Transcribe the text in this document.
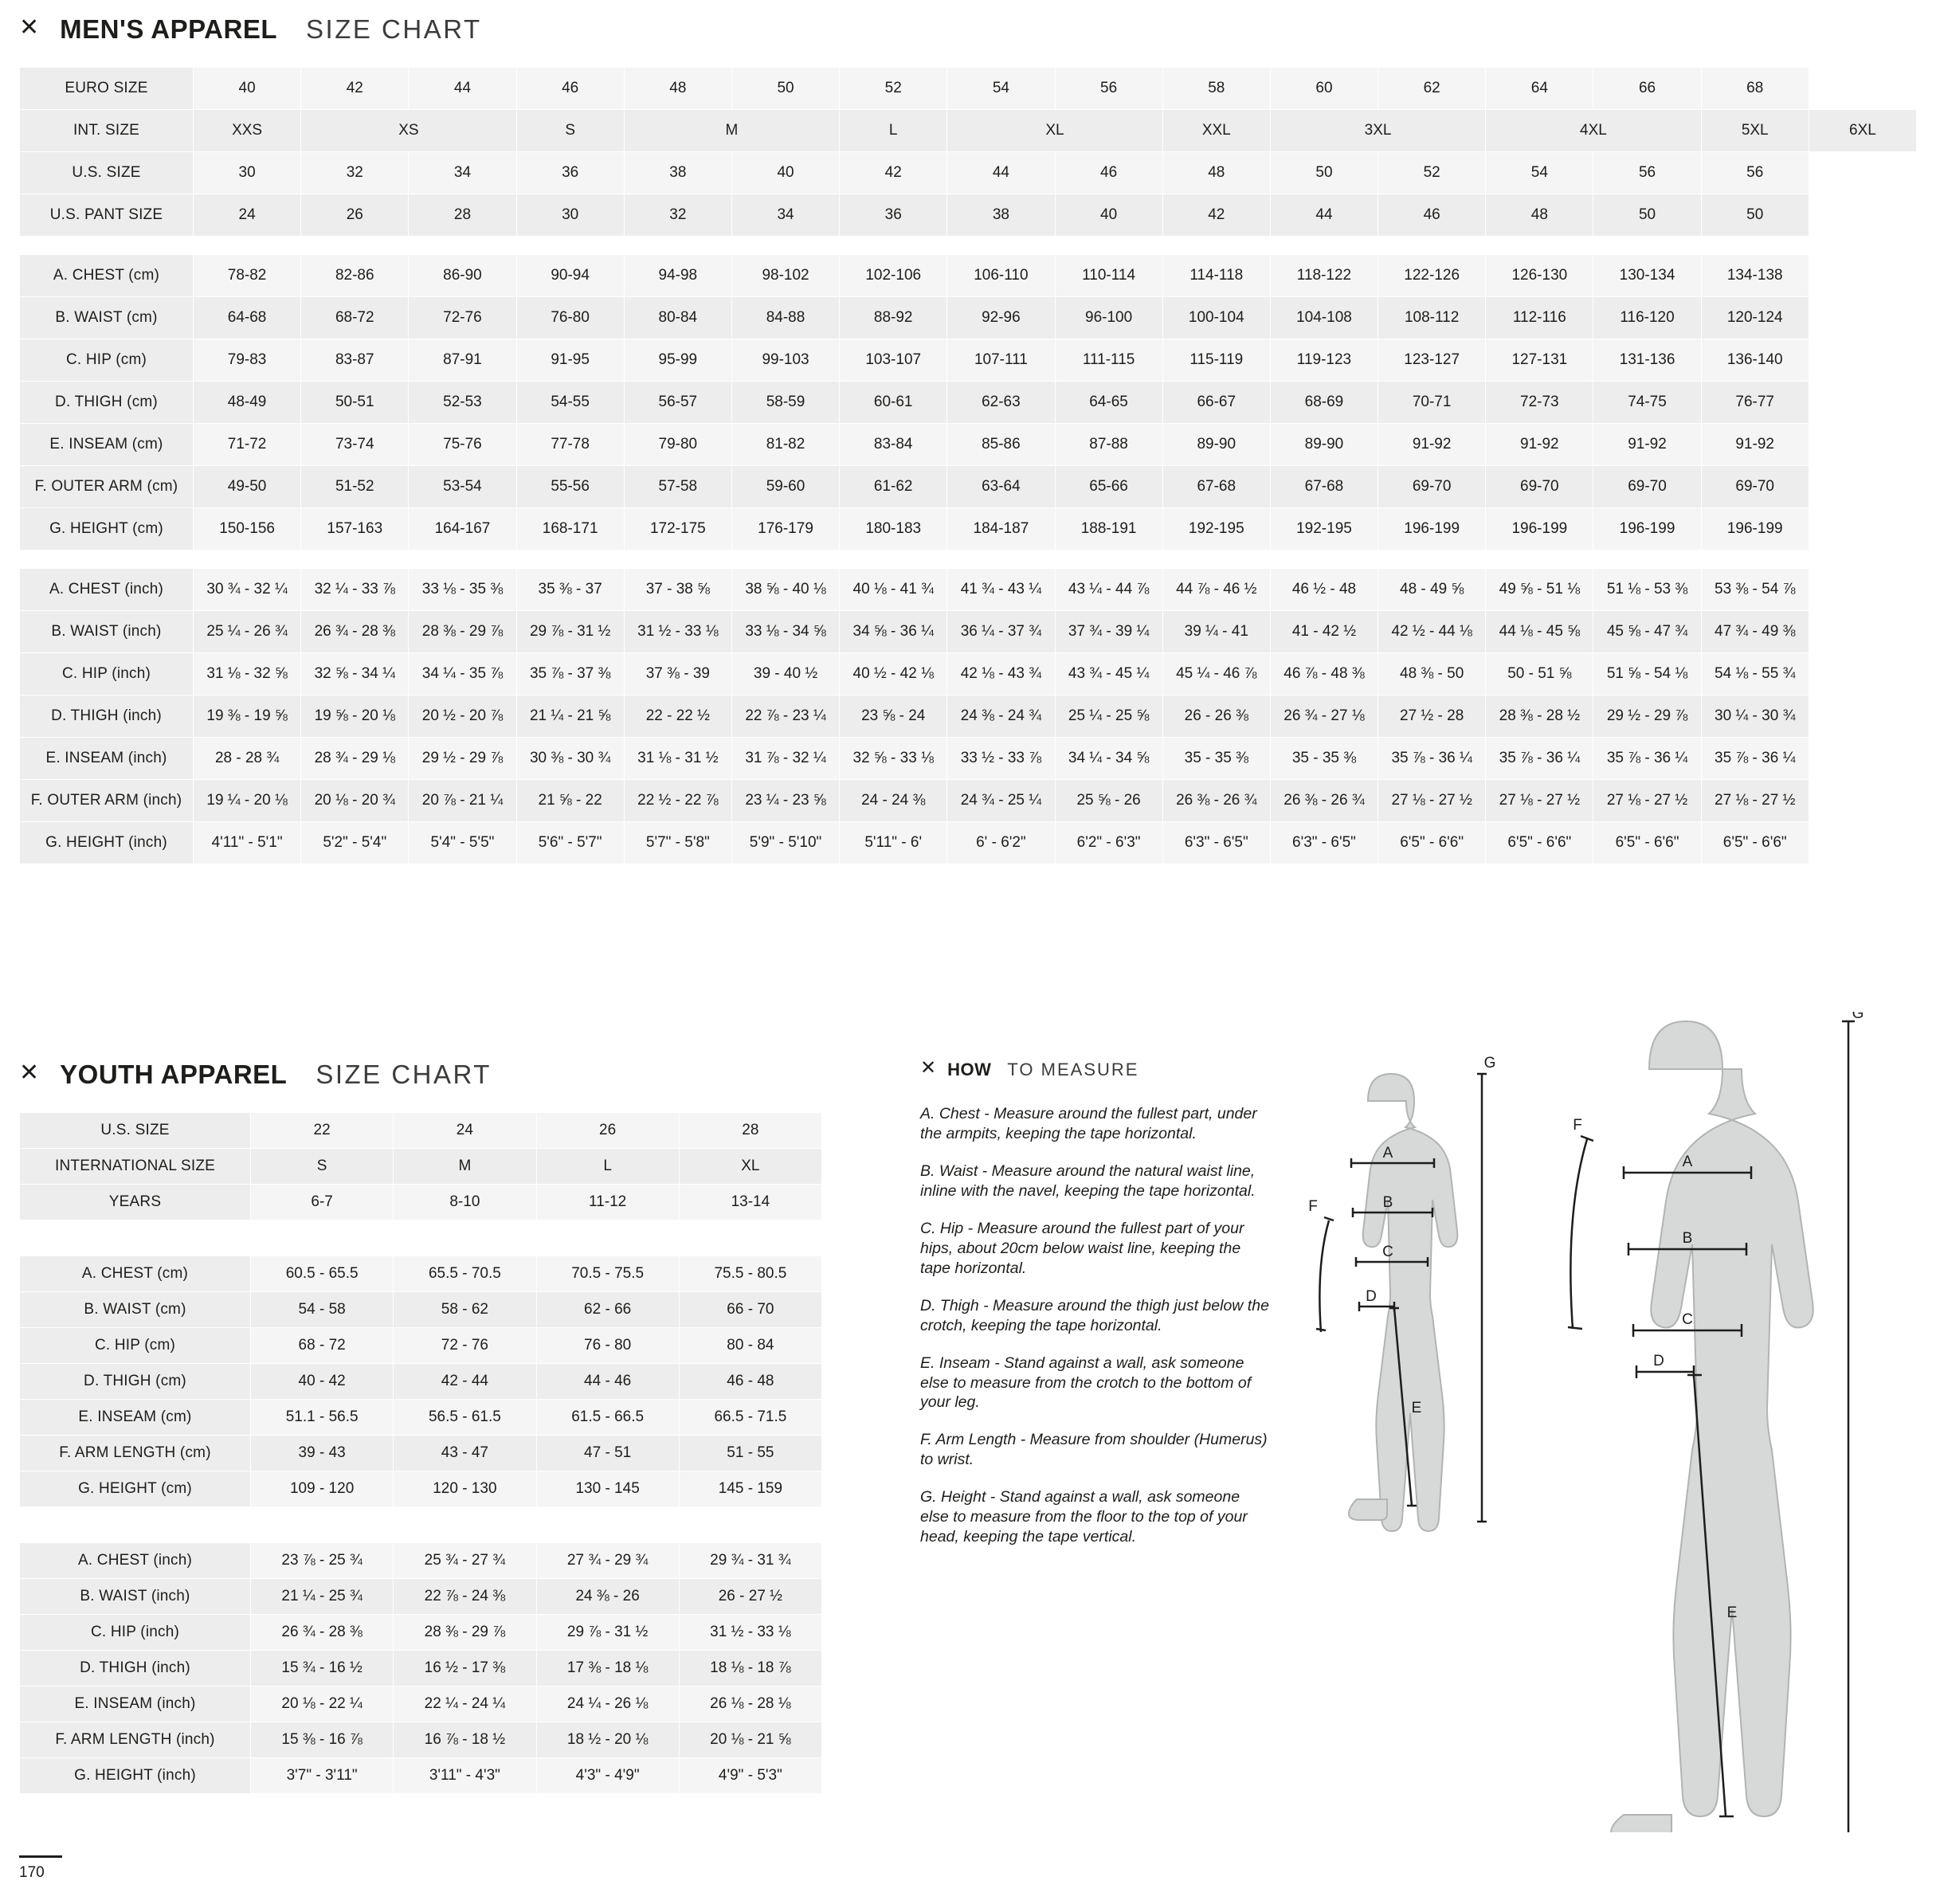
✕ MEN'S APPAREL SIZE CHART
EURO SIZE	40	42	44	46	48	50	52	54	56	58	60	62	64	66	68	
INT. SIZE	XXS	XS		S	M		L	XL		XXL	3XL		4XL		5XL	6XL
U.S. SIZE	30	32	34	36	38	40	42	44	46	48	50	52	54	56	56	
U.S. PANT SIZE	24	26	28	30	32	34	36	38	40	42	44	46	48	50	50	

A. CHEST (cm)	78-82	82-86	86-90	90-94	94-98	98-102	102-106	106-110	110-114	114-118	118-122	122-126	126-130	130-134	134-138	
B. WAIST (cm)	64-68	68-72	72-76	76-80	80-84	84-88	88-92	92-96	96-100	100-104	104-108	108-112	112-116	116-120	120-124	
C. HIP (cm)	79-83	83-87	87-91	91-95	95-99	99-103	103-107	107-111	111-115	115-119	119-123	123-127	127-131	131-136	136-140	
D. THIGH (cm)	48-49	50-51	52-53	54-55	56-57	58-59	60-61	62-63	64-65	66-67	68-69	70-71	72-73	74-75	76-77	
E. INSEAM (cm)	71-72	73-74	75-76	77-78	79-80	81-82	83-84	85-86	87-88	89-90	89-90	91-92	91-92	91-92	91-92	
F. OUTER ARM (cm)	49-50	51-52	53-54	55-56	57-58	59-60	61-62	63-64	65-66	67-68	67-68	69-70	69-70	69-70	69-70	
G. HEIGHT (cm)	150-156	157-163	164-167	168-171	172-175	176-179	180-183	184-187	188-191	192-195	192-195	196-199	196-199	196-199	196-199	

A. CHEST (inch)	30 ¾ - 32 ¼	32 ¼ - 33 ⅞	33 ⅛ - 35 ⅜	35 ⅜ - 37	37 - 38 ⅝	38 ⅝ - 40 ⅛	40 ⅛ - 41 ¾	41 ¾ - 43 ¼	43 ¼ - 44 ⅞	44 ⅞ - 46 ½	46 ½ - 48	48 - 49 ⅝	49 ⅝ - 51 ⅛	51 ⅛ - 53 ⅜	53 ⅜ - 54 ⅞	
B. WAIST (inch)	25 ¼ - 26 ¾	26 ¾ - 28 ⅜	28 ⅜ - 29 ⅞	29 ⅞ - 31 ½	31 ½ - 33 ⅛	33 ⅛ - 34 ⅝	34 ⅝ - 36 ¼	36 ¼ - 37 ¾	37 ¾ - 39 ¼	39 ¼ - 41	41 - 42 ½	42 ½ - 44 ⅛	44 ⅛ - 45 ⅝	45 ⅝ - 47 ¾	47 ¾ - 49 ⅜	
C. HIP (inch)	31 ⅛ - 32 ⅝	32 ⅝ - 34 ¼	34 ¼ - 35 ⅞	35 ⅞ - 37 ⅜	37 ⅜ - 39	39 - 40 ½	40 ½ - 42 ⅛	42 ⅛ - 43 ¾	43 ¾ - 45 ¼	45 ¼ - 46 ⅞	46 ⅞ - 48 ⅜	48 ⅜ - 50	50 - 51 ⅝	51 ⅝ - 54 ⅛	54 ⅛ - 55 ¾	
D. THIGH (inch)	19 ⅜ - 19 ⅝	19 ⅝ - 20 ⅛	20 ½ - 20 ⅞	21 ¼ - 21 ⅝	22 - 22 ½	22 ⅞ - 23 ¼	23 ⅝ - 24	24 ⅜ - 24 ¾	25 ¼ - 25 ⅝	26 - 26 ⅜	26 ¾ - 27 ⅛	27 ½ - 28	28 ⅜ - 28 ½	29 ½ - 29 ⅞	30 ¼ - 30 ¾	
E. INSEAM (inch)	28 - 28 ¾	28 ¾ - 29 ⅛	29 ½ - 29 ⅞	30 ⅜ - 30 ¾	31 ⅛ - 31 ½	31 ⅞ - 32 ¼	32 ⅝ - 33 ⅛	33 ½ - 33 ⅞	34 ¼ - 34 ⅝	35 - 35 ⅜	35 - 35 ⅜	35 ⅞ - 36 ¼	35 ⅞ - 36 ¼	35 ⅞ - 36 ¼	35 ⅞ - 36 ¼	
F. OUTER ARM (inch)	19 ¼ - 20 ⅛	20 ⅛ - 20 ¾	20 ⅞ - 21 ¼	21 ⅝ - 22	22 ½ - 22 ⅞	23 ¼ - 23 ⅝	24 - 24 ⅜	24 ¾ - 25 ¼	25 ⅝ - 26	26 ⅜ - 26 ¾	26 ⅜ - 26 ¾	27 ⅛ - 27 ½	27 ⅛ - 27 ½	27 ⅛ - 27 ½	27 ⅛ - 27 ½	
G. HEIGHT (inch)	4'11" - 5'1"	5'2" - 5'4"	5'4" - 5'5"	5'6" - 5'7"	5'7" - 5'8"	5'9" - 5'10"	5'11" - 6'	6' - 6'2"	6'2" - 6'3"	6'3" - 6'5"	6'3" - 6'5"	6'5" - 6'6"	6'5" - 6'6"	6'5" - 6'6"	6'5" - 6'6"	
✕ YOUTH APPAREL SIZE CHART
U.S. SIZE	22	24	26	28
INTERNATIONAL SIZE	S	M	L	XL
YEARS	6-7	8-10	11-12	13-14

A. CHEST (cm)	60.5 - 65.5	65.5 - 70.5	70.5 - 75.5	75.5 - 80.5
B. WAIST (cm)	54 - 58	58 - 62	62 - 66	66 - 70
C. HIP (cm)	68 - 72	72 - 76	76 - 80	80 - 84
D. THIGH (cm)	40 - 42	42 - 44	44 - 46	46 - 48
E. INSEAM (cm)	51.1 - 56.5	56.5 - 61.5	61.5 - 66.5	66.5 - 71.5
F. ARM LENGTH (cm)	39 - 43	43 - 47	47 - 51	51 - 55
G. HEIGHT (cm)	109 - 120	120 - 130	130 - 145	145 - 159

A. CHEST (inch)	23 ⅞ - 25 ¾	25 ¾ - 27 ¾	27 ¾ - 29 ¾	29 ¾ - 31 ¾
B. WAIST (inch)	21 ¼ - 25 ¾	22 ⅞ - 24 ⅜	24 ⅜ - 26	26 - 27 ½
C. HIP (inch)	26 ¾ - 28 ⅜	28 ⅜ - 29 ⅞	29 ⅞ - 31 ½	31 ½ - 33 ⅛
D. THIGH (inch)	15 ¾ - 16 ½	16 ½ - 17 ⅜	17 ⅜ - 18 ⅛	18 ⅛ - 18 ⅞
E. INSEAM (inch)	20 ⅛ - 22 ¼	22 ¼ - 24 ¼	24 ¼ - 26 ⅛	26 ⅛ - 28 ⅛
F. ARM LENGTH (inch)	15 ⅜ - 16 ⅞	16 ⅞ - 18 ½	18 ½ - 20 ⅛	20 ⅛ - 21 ⅝
G. HEIGHT (inch)	3'7" - 3'11"	3'11" - 4'3"	4'3" - 4'9"	4'9" - 5'3"
✕ HOW TO MEASURE

A. Chest - Measure around the fullest part, under the armpits, keeping the tape horizontal.

B. Waist - Measure around the natural waist line, inline with the navel, keeping the tape horizontal.

C. Hip - Measure around the fullest part of your hips, about 20cm below waist line, keeping the tape horizontal.

D. Thigh - Measure around the thigh just below the crotch, keeping the tape horizontal.

E. Inseam - Stand against a wall, ask someone else to measure from the crotch to the bottom of your leg.

F. Arm Length - Measure from shoulder (Humerus) to wrist.

G. Height - Stand against a wall, ask someone else to measure from the floor to the top of your head, keeping the tape vertical.

A
B
C
D
E
F
G
A
B
C
D
E
F
G
170
